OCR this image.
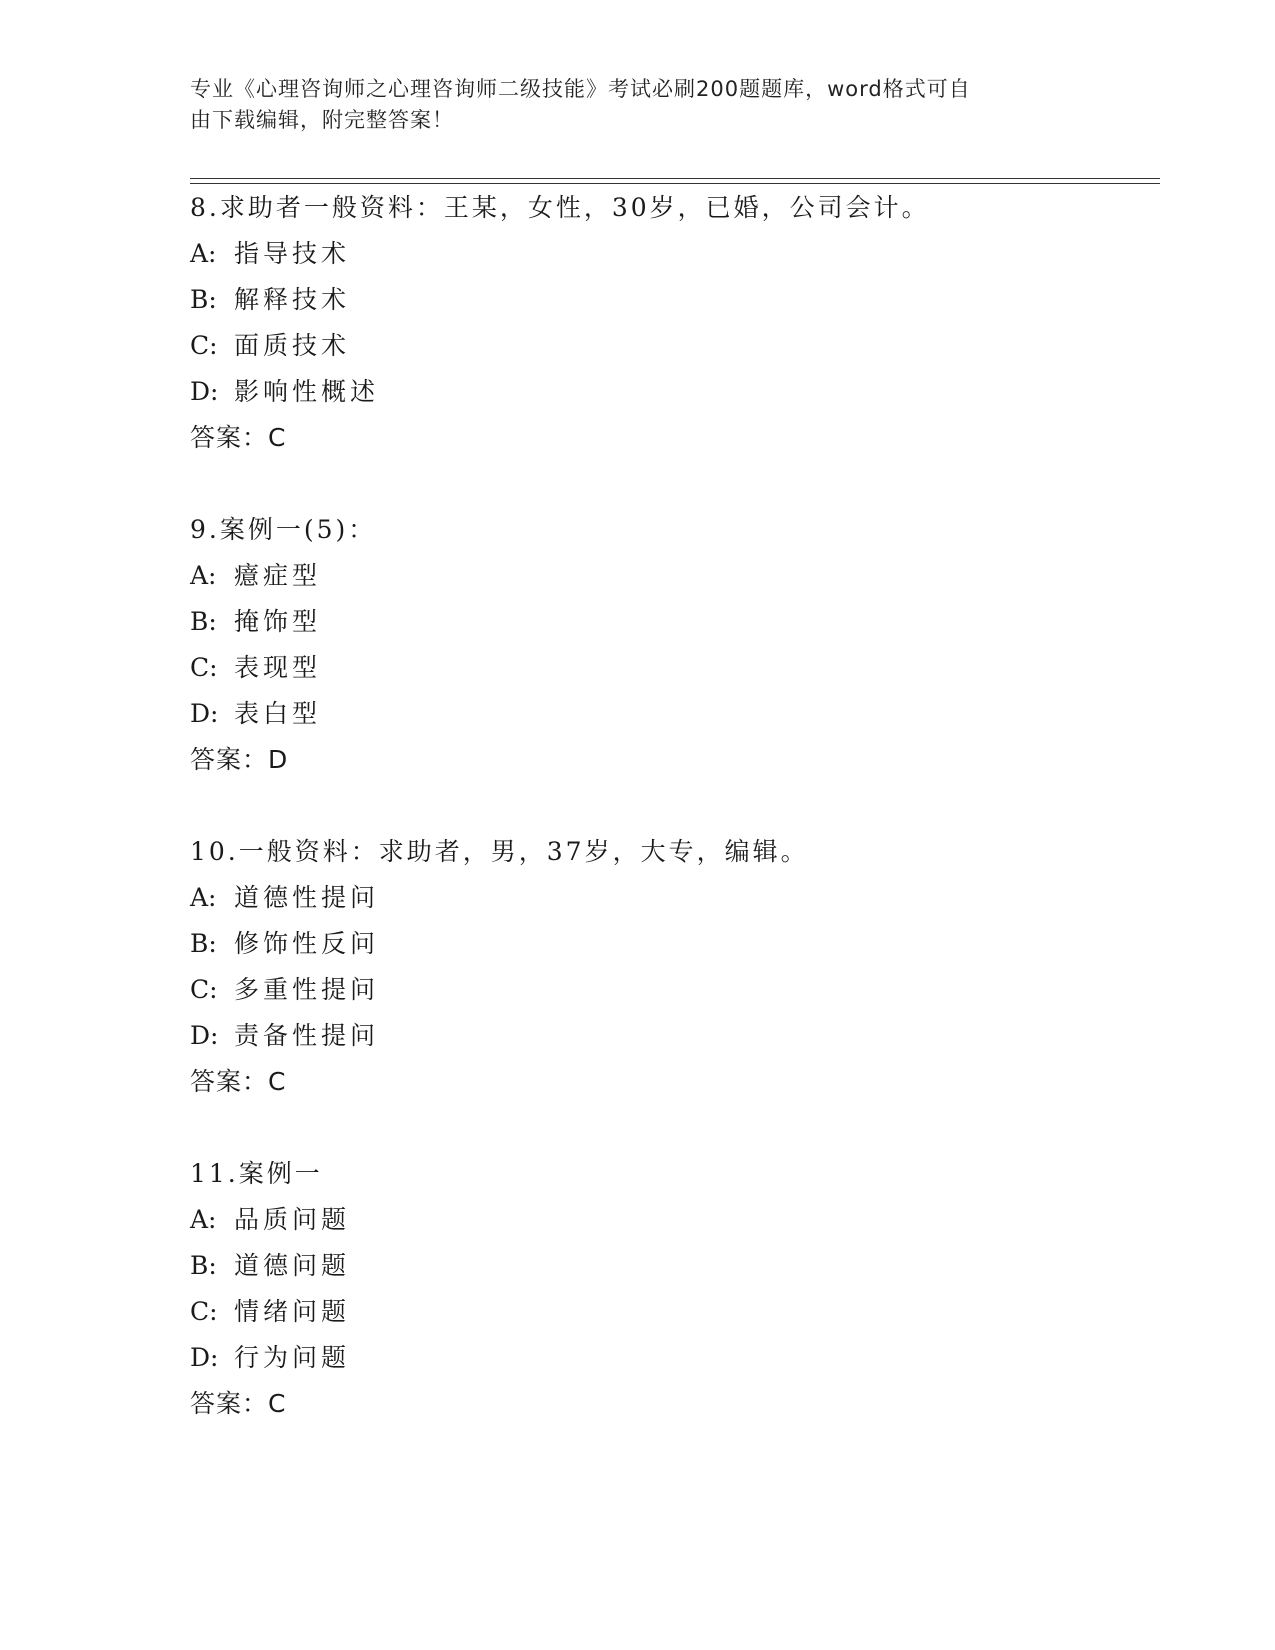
专业《心理咨询师之心理咨询师二级技能》考试必刷200题题库，word格式可自
由下载编辑，附完整答案！
8.求助者一般资料：王某，女性，30岁，已婚，公司会计。
A: 指导技术
B: 解释技术
C: 面质技术
D: 影响性概述
答案：C
9.案例一(5)：
A: 癔症型
B: 掩饰型
C: 表现型
D: 表白型
答案：D
10.一般资料：求助者，男，37岁，大专，编辑。
A: 道德性提问
B: 修饰性反问
C: 多重性提问
D: 责备性提问
答案：C
11.案例一
A: 品质问题
B: 道德问题
C: 情绪问题
D: 行为问题
答案：C
